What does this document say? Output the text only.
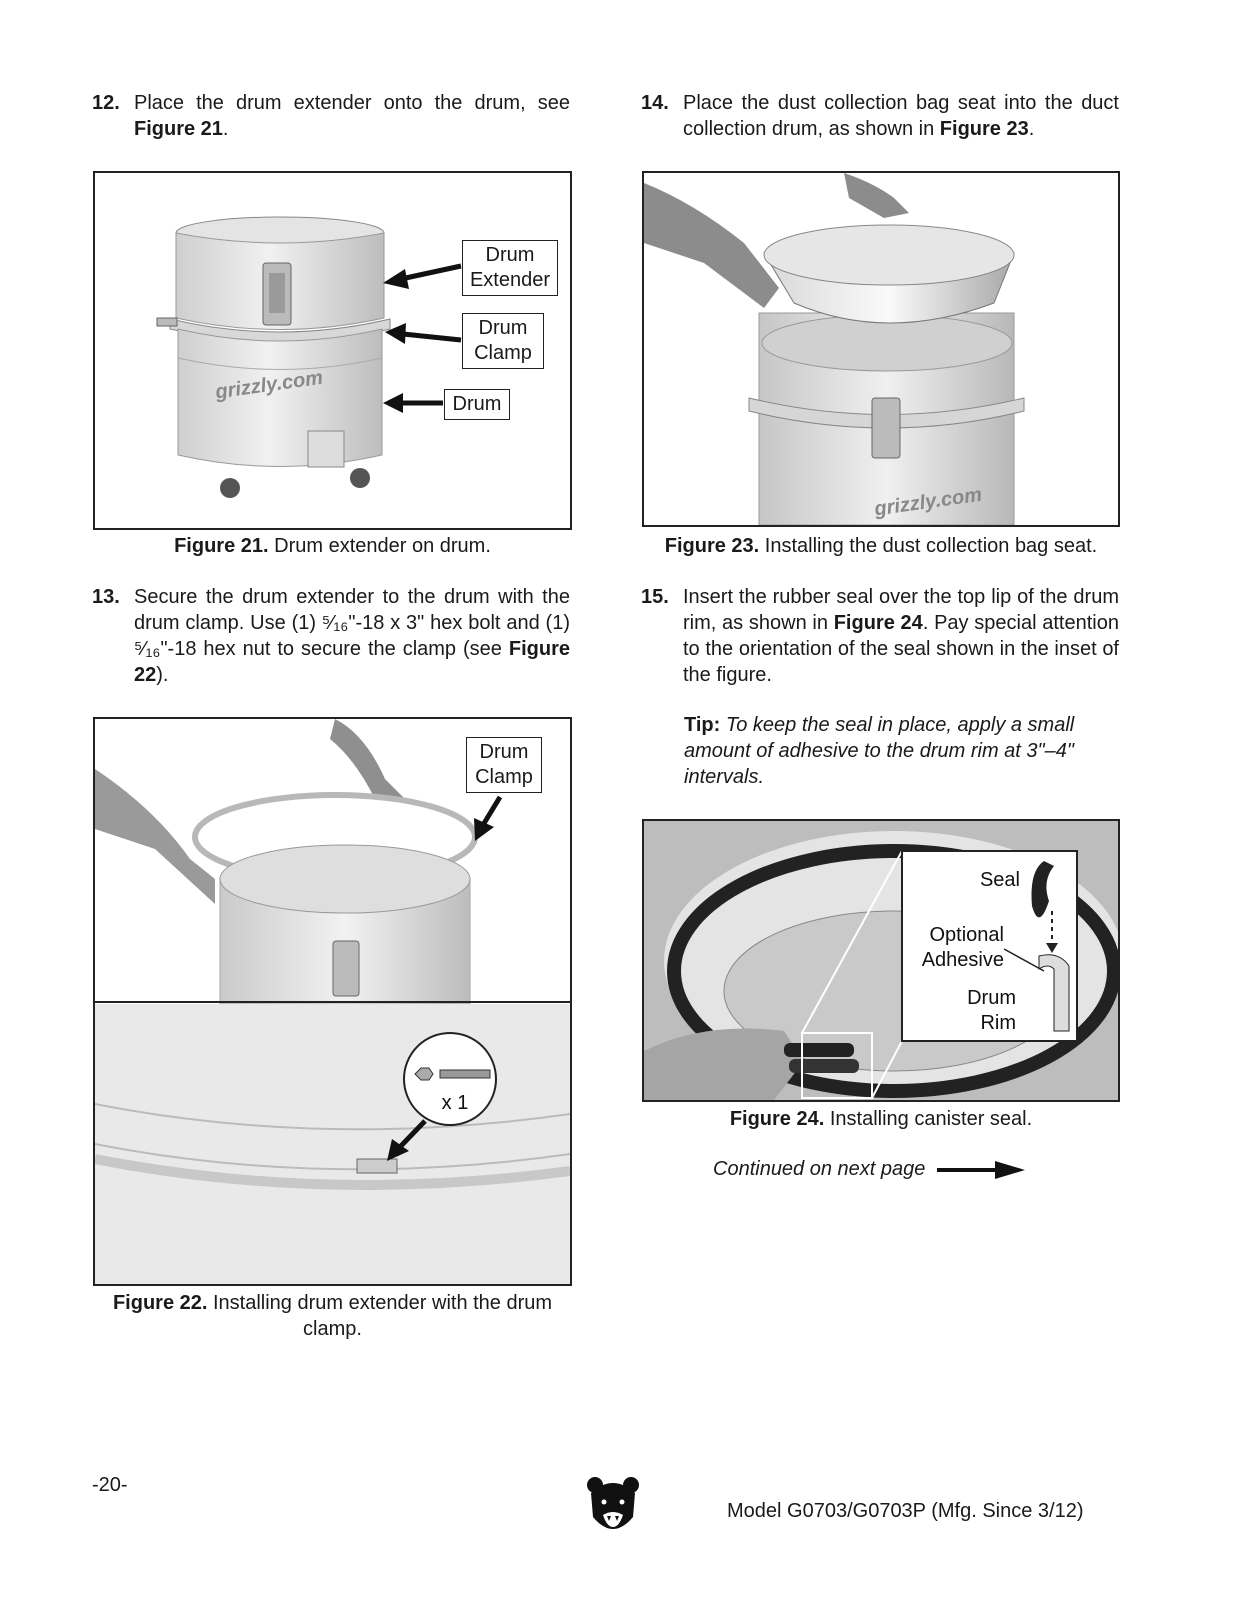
12. Place the drum extender onto the drum, see Figure 21.
grizzly.com
Drum
Extender
Drum
Clamp
Drum
Figure 21. Drum extender on drum.
13. Secure the drum extender to the drum with the drum clamp. Use (1) ⁵⁄₁₆"-18 x 3" hex bolt and (1) ⁵⁄₁₆"-18 hex nut to secure the clamp (see Figure 22).
x 1
Drum
Clamp
Figure 22. Installing drum extender with the drum clamp.
14. Place the dust collection bag seat into the duct collection drum, as shown in Figure 23.
grizzly.com
Figure 23. Installing the dust collection bag seat.
15. Insert the rubber seal over the top lip of the drum rim, as shown in Figure 24. Pay special attention to the orientation of the seal shown in the inset of the figure.
Tip: To keep the seal in place, apply a small amount of adhesive to the drum rim at 3"–4" intervals.
Seal
Optional
Adhesive
Drum
Rim
Figure 24. Installing canister seal.
Continued on next page
-20-
Model G0703/G0703P (Mfg. Since 3/12)
